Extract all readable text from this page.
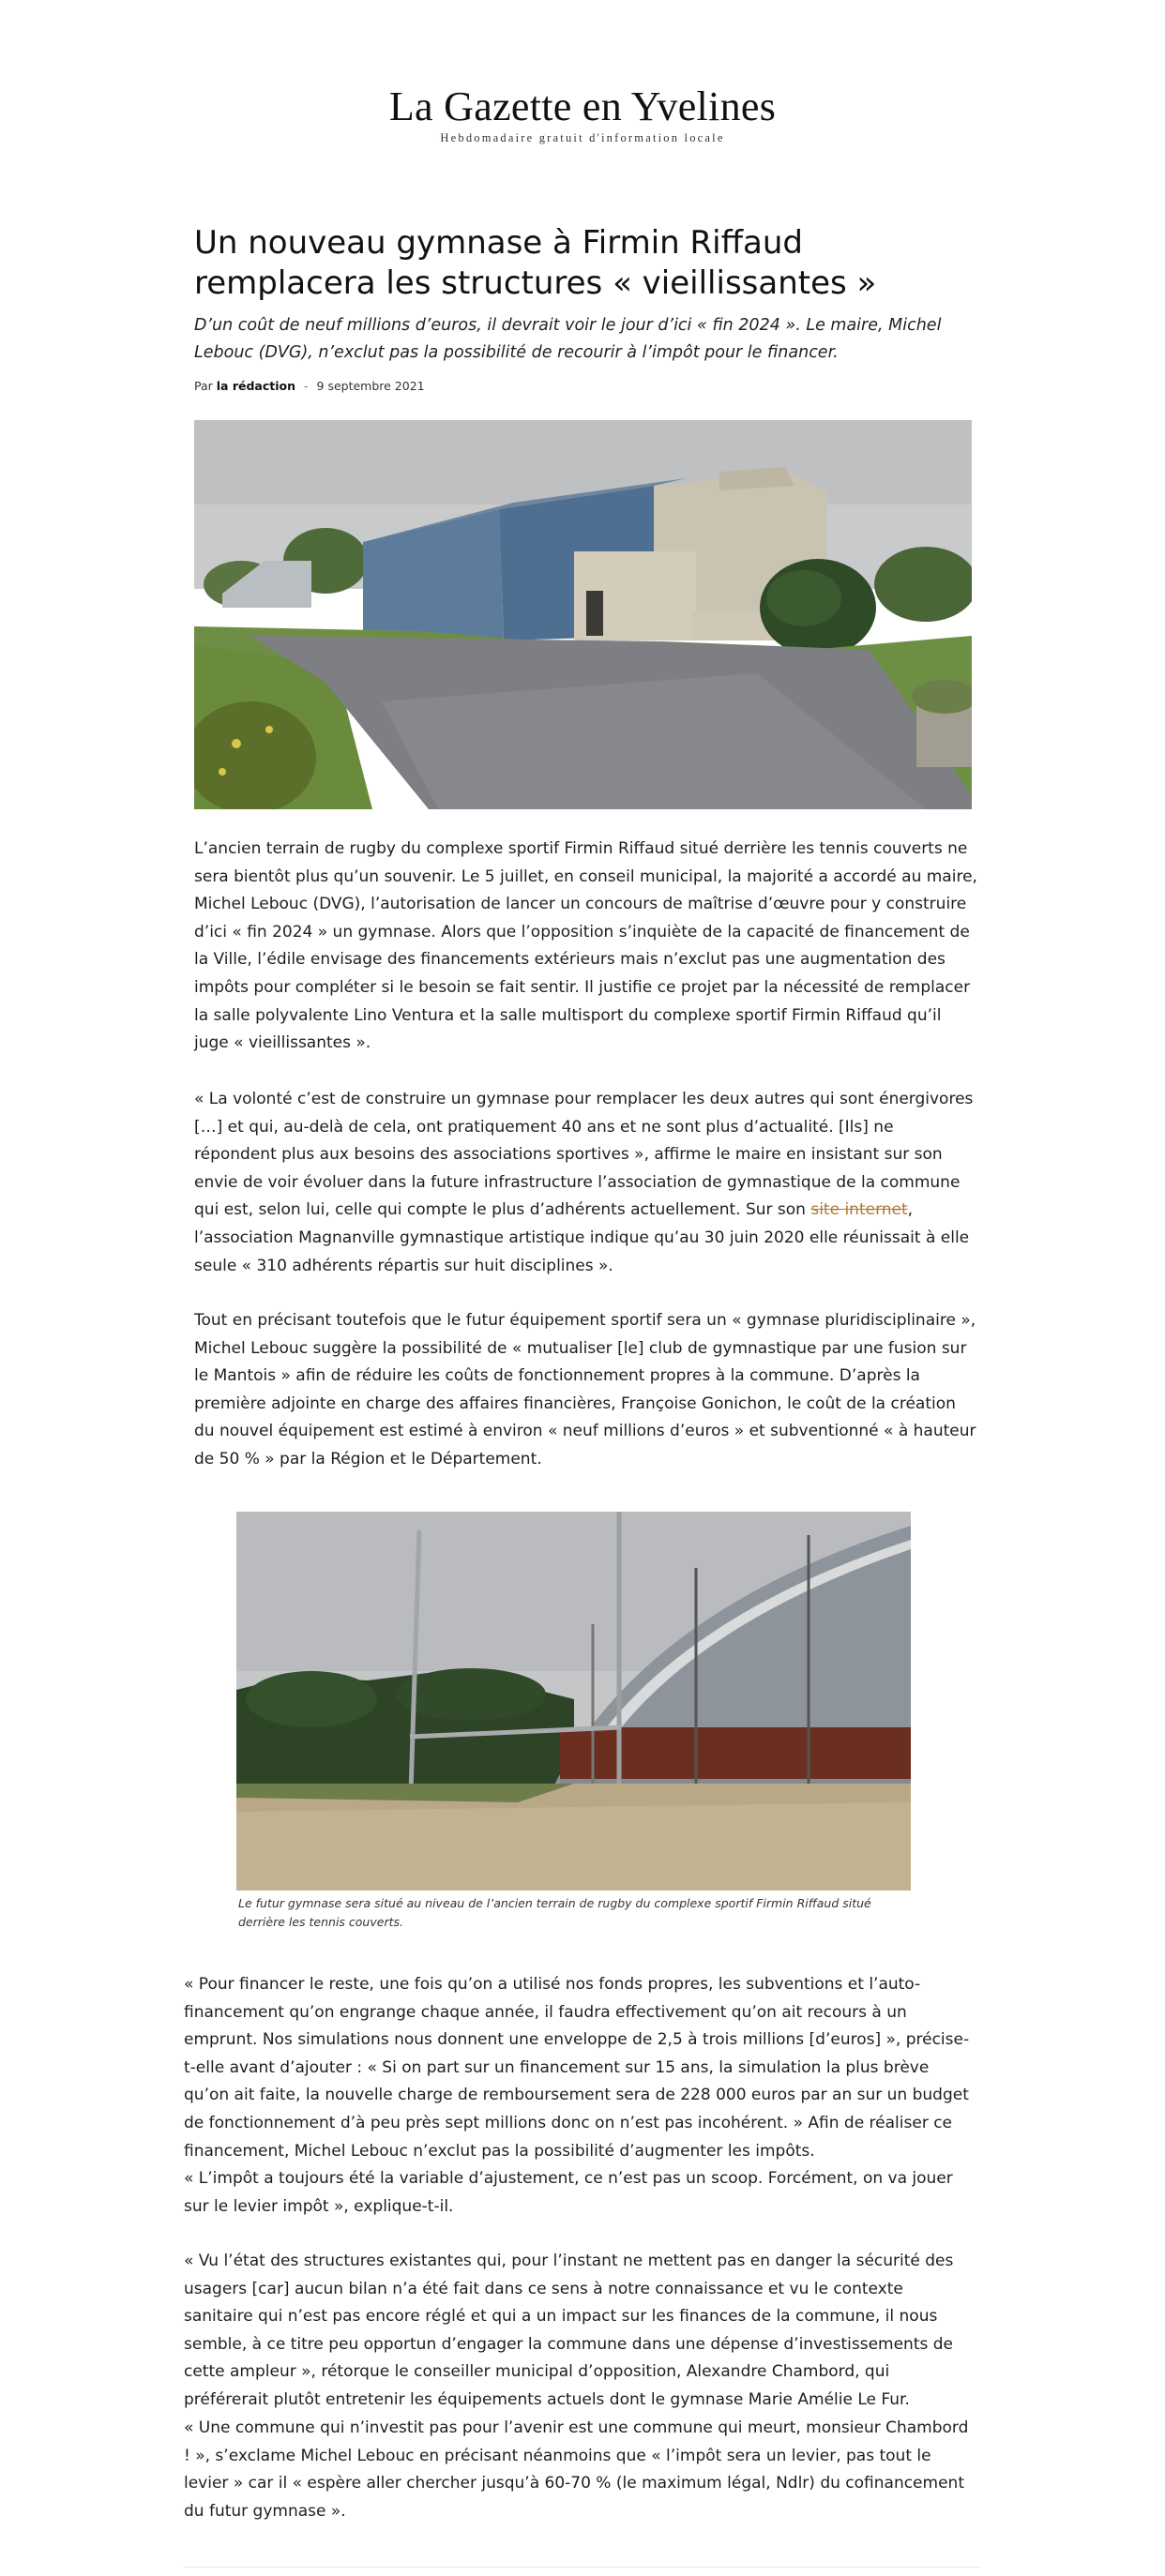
La Gazette en Yvelines
Hebdomadaire gratuit d'information locale
Un nouveau gymnase à Firmin Riffaud remplacera les structures « vieillissantes »

D’un coût de neuf millions d’euros, il devrait voir le jour d’ici « fin 2024 ». Le maire, Michel Lebouc (DVG), n’exclut pas la possibilité de recourir à l’impôt pour le financer.

Par la rédaction - 9 septembre 2021

L’ancien terrain de rugby du complexe sportif Firmin Riffaud situé derrière les tennis couverts ne sera bientôt plus qu’un souvenir. Le 5 juillet, en conseil municipal, la majorité a accordé au maire, Michel Lebouc (DVG), l’autorisation de lancer un concours de maîtrise d’œuvre pour y construire d’ici « fin 2024 » un gymnase. Alors que l’opposition s’inquiète de la capacité de financement de la Ville, l’édile envisage des financements extérieurs mais n’exclut pas une augmentation des impôts pour compléter si le besoin se fait sentir. Il justifie ce projet par la nécessité de remplacer la salle polyvalente Lino Ventura et la salle multisport du complexe sportif Firmin Riffaud qu’il juge « vieillissantes ».

« La volonté c’est de construire un gymnase pour remplacer les deux autres qui sont énergivores […] et qui, au-delà de cela, ont pratiquement 40 ans et ne sont plus d’actualité. [Ils] ne répondent plus aux besoins des associations sportives », affirme le maire en insistant sur son envie de voir évoluer dans la future infrastructure l’association de gymnastique de la commune qui est, selon lui, celle qui compte le plus d’adhérents actuellement. Sur son site internet, l’association Magnanville gymnastique artistique indique qu’au 30 juin 2020 elle réunissait à elle seule « 310 adhérents répartis sur huit disciplines ».

Tout en précisant toutefois que le futur équipement sportif sera un « gymnase pluridisciplinaire », Michel Lebouc suggère la possibilité de « mutualiser [le] club de gymnastique par une fusion sur le Mantois » afin de réduire les coûts de fonctionnement propres à la commune. D’après la première adjointe en charge des affaires financières, Françoise Gonichon, le coût de la création du nouvel équipement est estimé à environ « neuf millions d’euros » et subventionné « à hauteur de 50 % » par la Région et le Département.

Le futur gymnase sera situé au niveau de l’ancien terrain de rugby du complexe sportif Firmin Riffaud situé derrière les tennis couverts.

« Pour financer le reste, une fois qu’on a utilisé nos fonds propres, les subventions et l’auto-financement qu’on engrange chaque année, il faudra effectivement qu’on ait recours à un emprunt. Nos simulations nous donnent une enveloppe de 2,5 à trois millions [d’euros] », précise-t-elle avant d’ajouter : « Si on part sur un financement sur 15 ans, la simulation la plus brève qu’on ait faite, la nouvelle charge de remboursement sera de 228 000 euros par an sur un budget de fonctionnement d’à peu près sept millions donc on n’est pas incohérent. » Afin de réaliser ce financement, Michel Lebouc n’exclut pas la possibilité d’augmenter les impôts.

« L’impôt a toujours été la variable d’ajustement, ce n’est pas un scoop. Forcément, on va jouer sur le levier impôt », explique-t-il.

« Vu l’état des structures existantes qui, pour l’instant ne mettent pas en danger la sécurité des usagers [car] aucun bilan n’a été fait dans ce sens à notre connaissance et vu le contexte sanitaire qui n’est pas encore réglé et qui a un impact sur les finances de la commune, il nous semble, à ce titre peu opportun d’engager la commune dans une dépense d’investissements de cette ampleur », rétorque le conseiller municipal d’opposition, Alexandre Chambord, qui préférerait plutôt entretenir les équipements actuels dont le gymnase Marie Amélie Le Fur.

« Une commune qui n’investit pas pour l’avenir est une commune qui meurt, monsieur Chambord ! », s’exclame Michel Lebouc en précisant néanmoins que « l’impôt sera un levier, pas tout le levier » car il « espère aller chercher jusqu’à 60-70 % (le maximum légal, Ndlr) du cofinancement du futur gymnase ».
